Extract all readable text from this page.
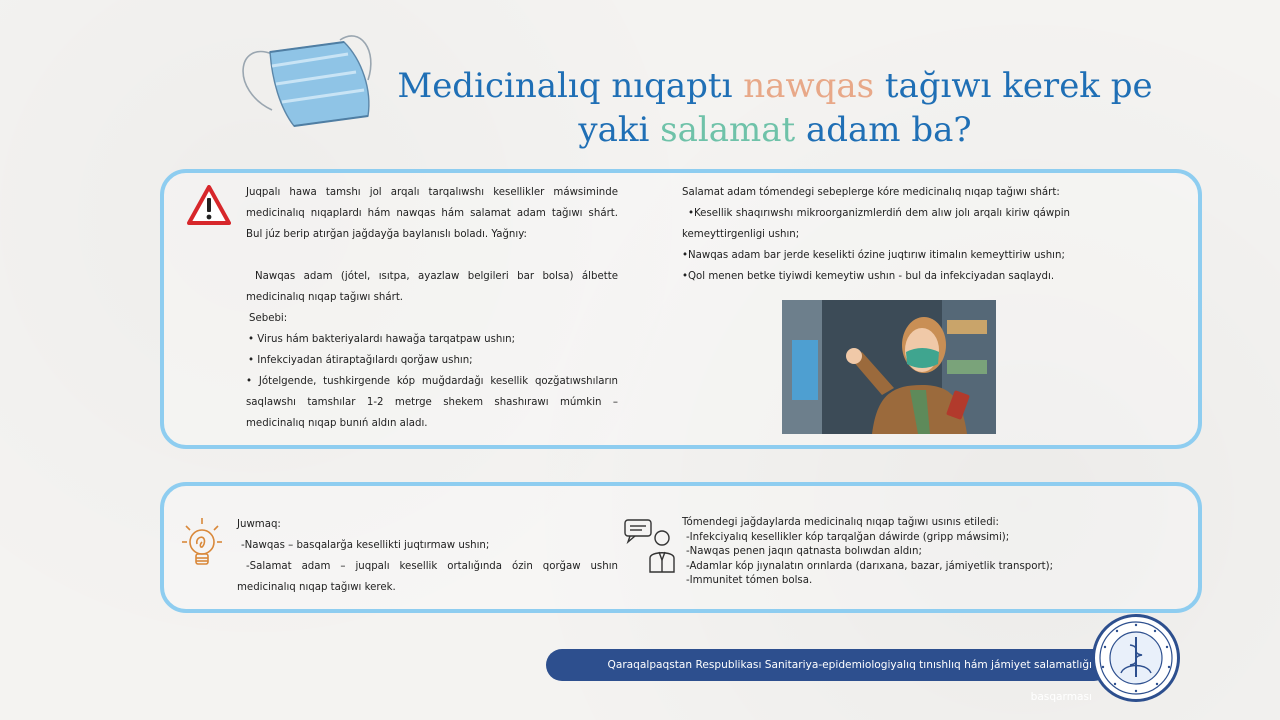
Medicinalıq nıqaptı nawqas tağıwı kerek pe
yaki salamat adam ba?

Juqpalı hawa tamshı jol arqalı tarqalıwshı kesellikler máwsiminde

medicinalıq nıqaplardı hám nawqas hám salamat adam tağıwı shárt.

Bul júz berip atırğan jağdayğa baylanıslı boladı. Yağnıy:

Nawqas adam (jótel, ısıtpa, ayazlaw belgileri bar bolsa) álbette

medicinalıq nıqap tağıwı shárt.

Sebebi:

• Virus hám bakteriyalardı hawağa tarqatpaw ushın;

• Infekciyadan átiraptağılardı qorğaw ushın;

• Jótelgende, tushkirgende kóp muğdardağı kesellik qozğatıwshıların

saqlawshı tamshılar 1-2 metrge shekem shashırawı múmkin –

medicinalıq nıqap bunıń aldın aladı.

Salamat adam tómendegi sebeplerge kóre medicinalıq nıqap tağıwı shárt:

•Kesellik shaqırıwshı mikroorganizmlerdiń dem alıw jolı arqalı kiriw qáwpin

kemeyttirgenligi ushın;

•Nawqas adam bar jerde keselikti ózine juqtırıw itimalın kemeyttiriw ushın;

•Qol menen betke tiyiwdi kemeytiw ushın - bul da infekciyadan saqlaydı.

Juwmaq:

-Nawqas – basqalarğa kesellikti juqtırmaw ushın;

-Salamat adam – juqpalı kesellik ortalığında ózin qorğaw ushın

medicinalıq nıqap tağıwı kerek.

Tómendegi jağdaylarda medicinalıq nıqap tağıwı usınıs etiledi:

-Infekciyalıq kesellikler kóp tarqalğan dáwirde (gripp máwsimi);

-Nawqas penen jaqın qatnasta bolıwdan aldın;

-Adamlar kóp jıynalatın orınlarda (darıxana, bazar, jámiyetlik transport);

-Immunitet tómen bolsa.

Qaraqalpaqstan Respublikası Sanitariya-epidemiologiyalıq tınıshlıq hám jámiyet salamatlığı basqarması
